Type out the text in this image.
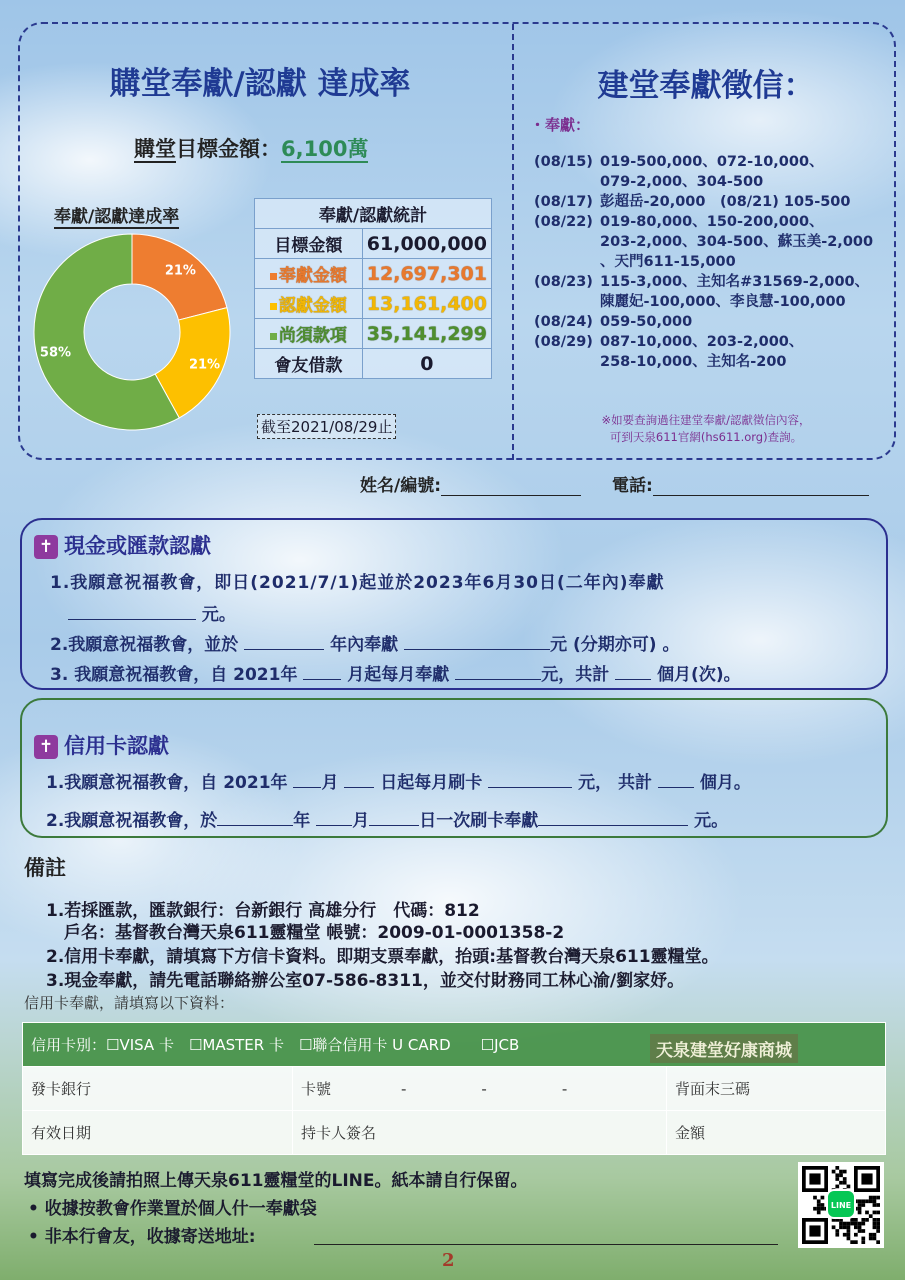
購堂奉獻/認獻 達成率
購堂目標金額：6,100萬
奉獻/認獻達成率
21%
21%
58%
奉獻/認獻統計	
目標金額	61,000,000
奉獻金額	12,697,301
認獻金額	13,161,400
尚須款項	35,141,299
會友借款	0
截至2021/08/29止
建堂奉獻徵信：
・奉獻：
(08/15) 019-500,000、072-10,000、
079-2,000、304-500
(08/17) 彭超岳-20,000　(08/21) 105-500
(08/22) 019-80,000、150-200,000、
203-2,000、304-500、蘇玉美-2,000
、天門611-15,000
(08/23) 115-3,000、主知名#31569-2,000、
陳麗妃-100,000、李良慧-100,000
(08/24) 059-50,000
(08/29) 087-10,000、203-2,000、
258-10,000、主知名-200
※如要查詢過往建堂奉獻/認獻徵信內容，
可到天泉611官網(hs611.org)查詢。
姓名/編號:	電話:
✝ 現金或匯款認獻
1.我願意祝福教會，即日(2021/7/1)起並於2023年6月30日(二年內)奉獻
元。
2.我願意祝福教會，並於	年內奉獻	元 (分期亦可) 。
3. 我願意祝福教會，自 2021年	月起每月奉獻	元，共計	個月(次)。
✝ 信用卡認獻
1.我願意祝福教會，自 2021年 月 日起每月刷卡	元， 共計	個月。
2.我願意祝福教會，於	年 月	日一次刷卡奉獻	元。
備註
1.若採匯款，匯款銀行：台新銀行 高雄分行　代碼：812
戶名：基督教台灣天泉611靈糧堂 帳號：2009-01-0001358-2
2.信用卡奉獻，請填寫下方信卡資料。即期支票奉獻，抬頭:基督教台灣天泉611靈糧堂。
3.現金奉獻，請先電話聯絡辦公室07-586-8311，並交付財務同工林心渝/劉家妤。
信用卡奉獻，請填寫以下資料：
信用卡別：☐VISA 卡　☐MASTER 卡　☐聯合信用卡 U CARD　　☐JCB		
發卡銀行	卡號 -　　　　　-　　　　　-	背面末三碼
有效日期	持卡人簽名	金額
天泉建堂好康商城
填寫完成後請拍照上傳天泉611靈糧堂的LINE。紙本請自行保留。
• 收據按教會作業置於個人什一奉獻袋
• 非本行會友，收據寄送地址:
2
LINE
